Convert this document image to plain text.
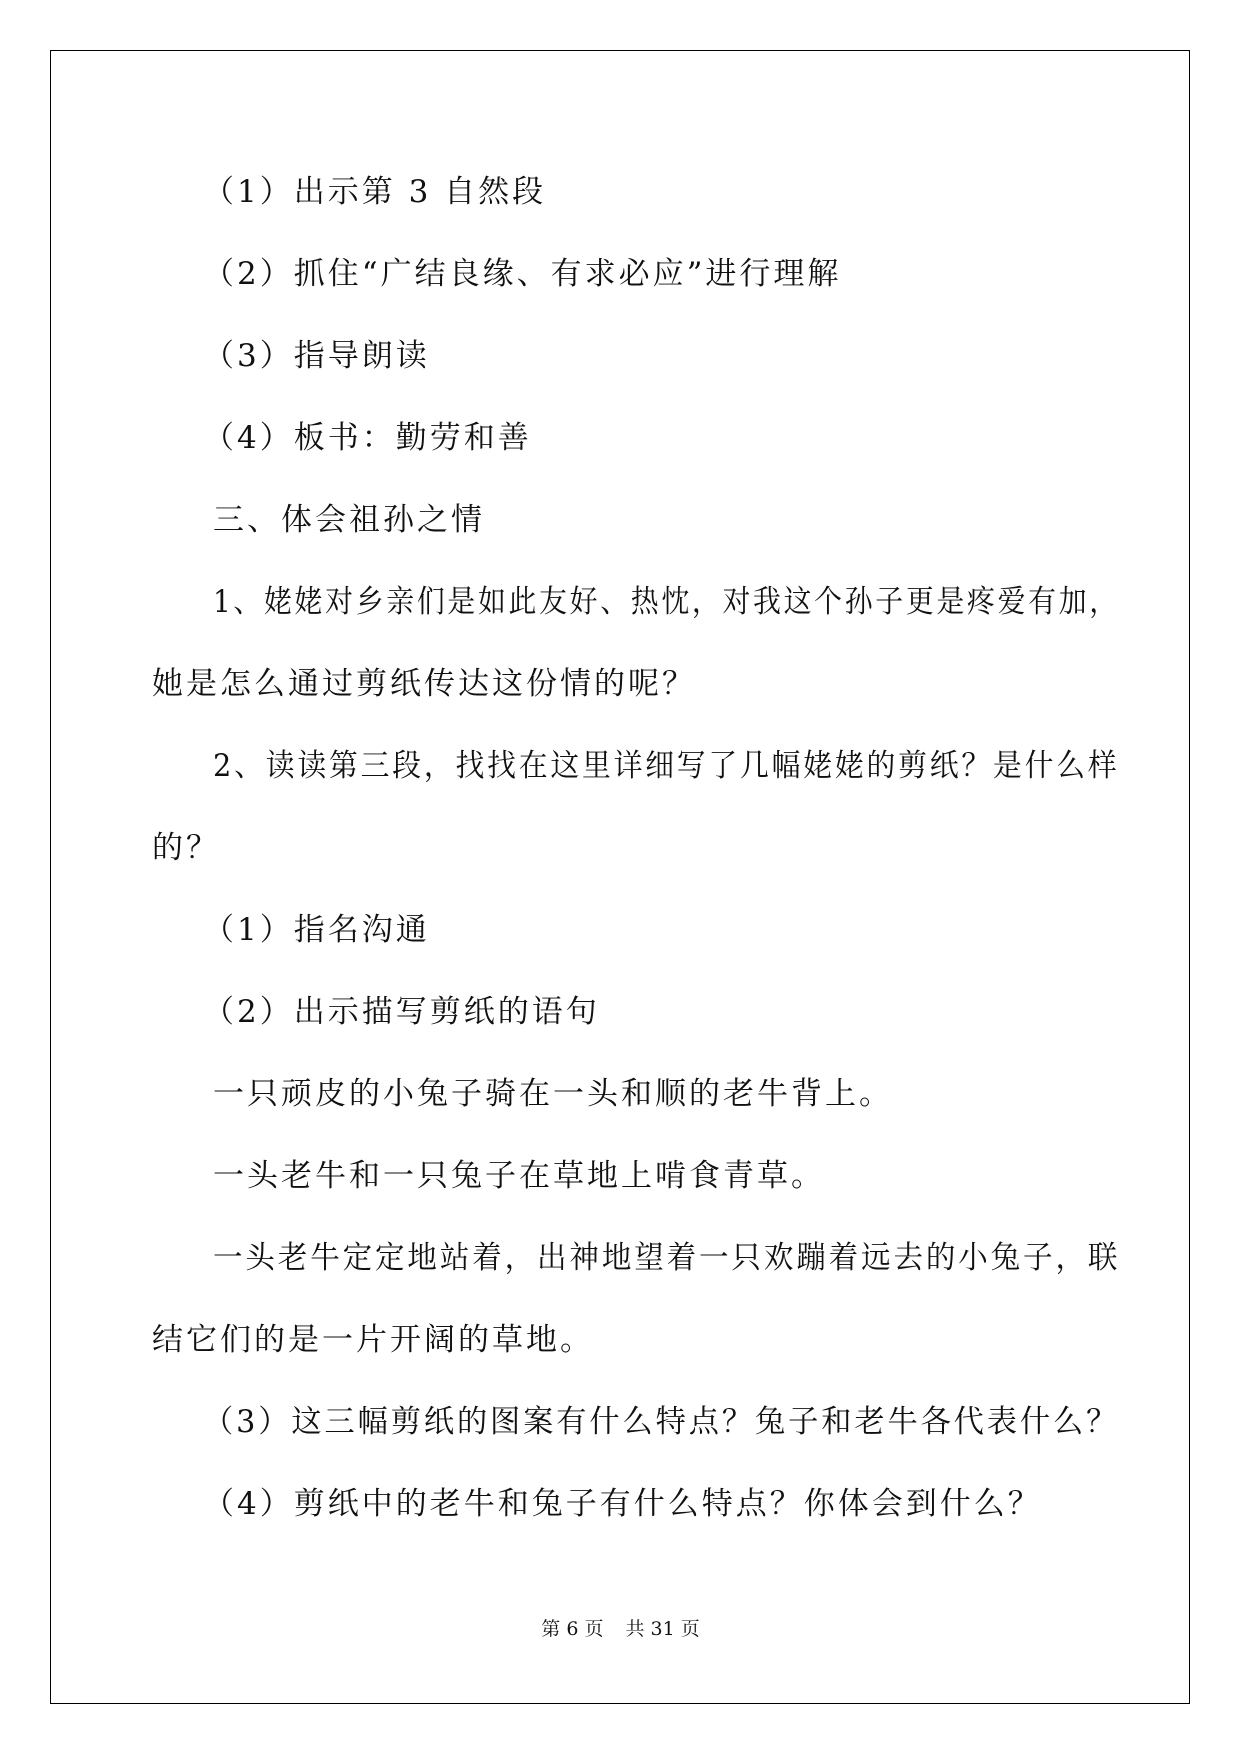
（1）出示第 3 自然段

（2）抓住“广结良缘、有求必应”进行理解

（3）指导朗读

（4）板书：勤劳和善

三、体会祖孙之情

1、姥姥对乡亲们是如此友好、热忱，对我这个孙子更是疼爱有加，

她是怎么通过剪纸传达这份情的呢？

2、读读第三段，找找在这里详细写了几幅姥姥的剪纸？是什么样

的？

（1）指名沟通

（2）出示描写剪纸的语句

一只顽皮的小兔子骑在一头和顺的老牛背上。

一头老牛和一只兔子在草地上啃食青草。

一头老牛定定地站着，出神地望着一只欢蹦着远去的小兔子，联

结它们的是一片开阔的草地。

（3）这三幅剪纸的图案有什么特点？兔子和老牛各代表什么？

（4）剪纸中的老牛和兔子有什么特点？你体会到什么？

第 6 页 共 31 页
